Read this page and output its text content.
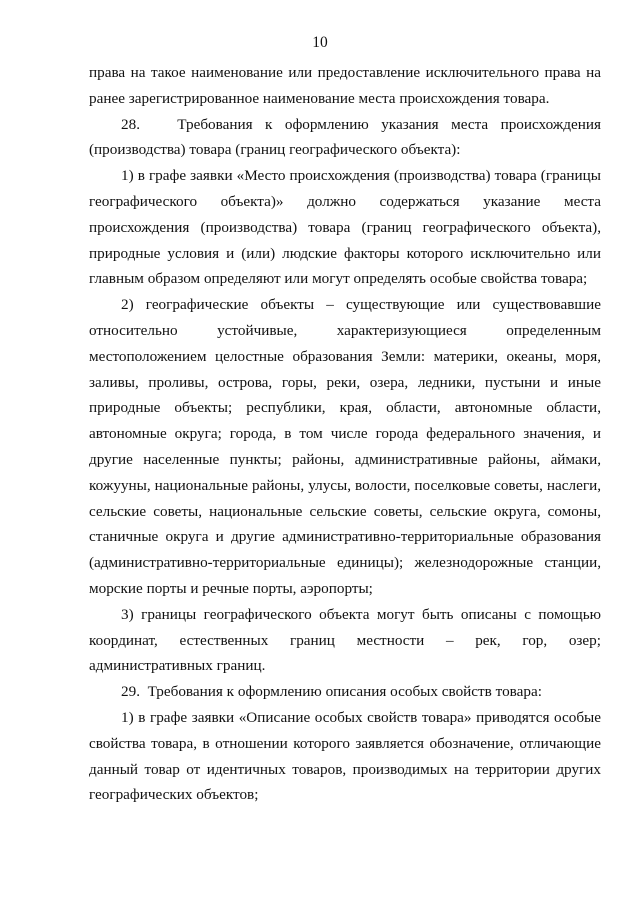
10

права на такое наименование или предоставление исключительного права на ранее зарегистрированное наименование места происхождения товара.

28.   Требования к оформлению указания места происхождения (производства) товара (границ географического объекта):

1) в графе заявки «Место происхождения (производства) товара (границы географического объекта)» должно содержаться указание места происхождения (производства) товара (границ географического объекта), природные условия и (или) людские факторы которого исключительно или главным образом определяют или могут определять особые свойства товара;

2) географические объекты – существующие или существовавшие относительно устойчивые, характеризующиеся определенным местоположением целостные образования Земли: материки, океаны, моря, заливы, проливы, острова, горы, реки, озера, ледники, пустыни и иные природные объекты; республики, края, области, автономные области, автономные округа; города, в том числе города федерального значения, и другие населенные пункты; районы, административные районы, аймаки, кожууны, национальные районы, улусы, волости, поселковые советы, наслеги, сельские советы, национальные сельские советы, сельские округа, сомоны, станичные округа и другие административно-территориальные образования (административно-территориальные единицы); железнодорожные станции, морские порты и речные порты, аэропорты;

3) границы географического объекта могут быть описаны с помощью координат, естественных границ местности – рек, гор, озер; административных границ.

29.  Требования к оформлению описания особых свойств товара:

1) в графе заявки «Описание особых свойств товара» приводятся особые свойства товара, в отношении которого заявляется обозначение, отличающие данный товар от идентичных товаров, производимых на территории других географических объектов;
